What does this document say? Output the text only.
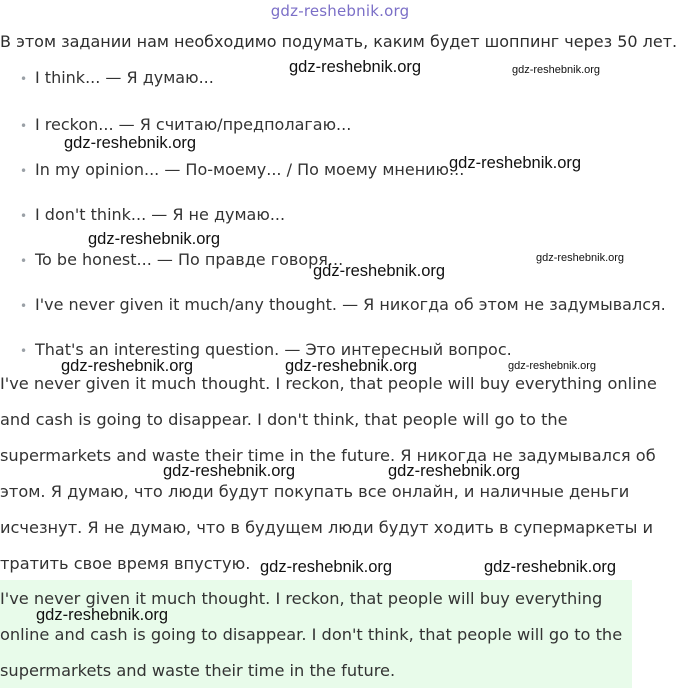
gdz-reshebnik.org
В этом задании нам необходимо подумать, каким будет шоппинг через 50 лет.
• I think... — Я думаю...
• I reckon... — Я считаю/предполагаю...
• In my opinion... — По-моему... / По моему мнению...
• I don't think... — Я не думаю...
• To be honest... — По правде говоря...
• I've never given it much/any thought. — Я никогда об этом не задумывался.
• That's an interesting question. — Это интересный вопрос.
I've never given it much thought. I reckon, that people will buy everything online
and cash is going to disappear. I don't think, that people will go to the
supermarkets and waste their time in the future. Я никогда не задумывался об
этом. Я думаю, что люди будут покупать все онлайн, и наличные деньги
исчезнут. Я не думаю, что в будущем люди будут ходить в супермаркеты и
тратить свое время впустую.
I've never given it much thought. I reckon, that people will buy everything
online and cash is going to disappear. I don't think, that people will go to the
supermarkets and waste their time in the future.
gdz-reshebnik.org	gdz-reshebnik.org
gdz-reshebnik.org
gdz-reshebnik.org
gdz-reshebnik.org
gdz-reshebnik.org
gdz-reshebnik.org
gdz-reshebnik.org	gdz-reshebnik.org	gdz-reshebnik.org
gdz-reshebnik.org	gdz-reshebnik.org
gdz-reshebnik.org	gdz-reshebnik.org
gdz-reshebnik.org
